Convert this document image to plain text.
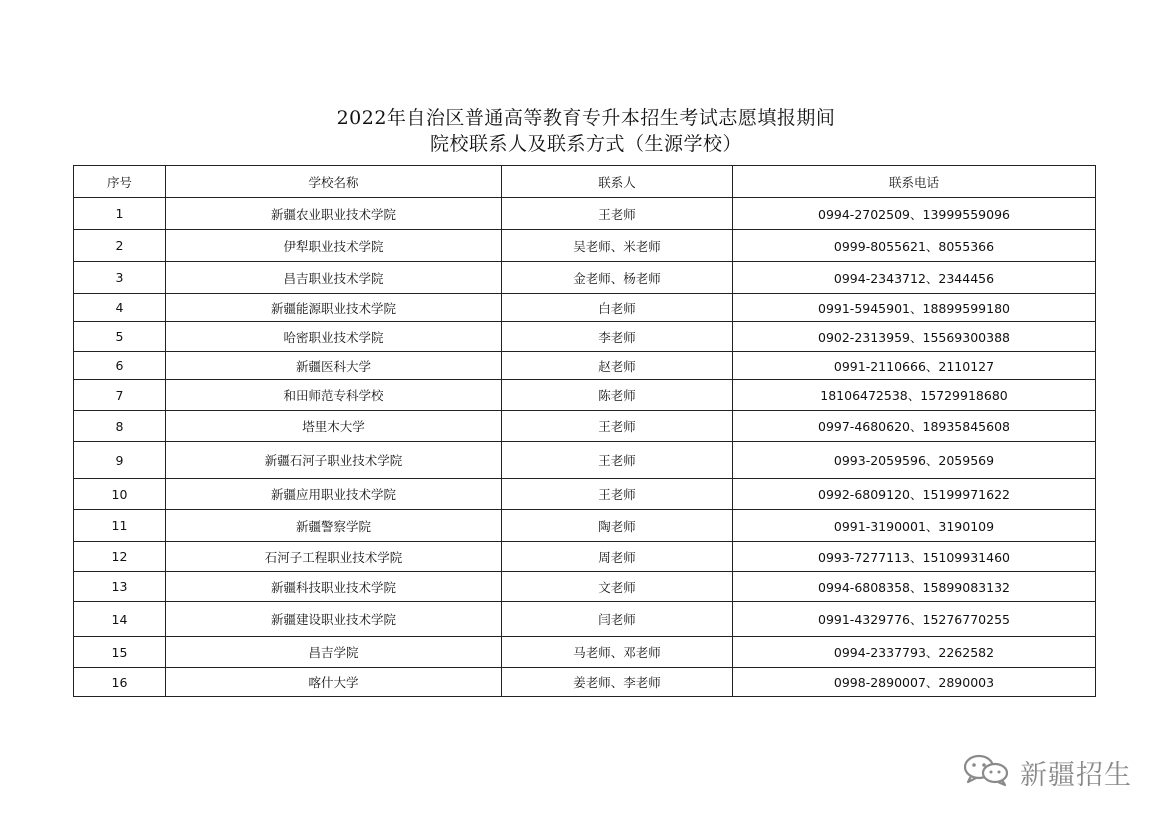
2022年自治区普通高等教育专升本招生考试志愿填报期间
院校联系人及联系方式（生源学校）
序号	学校名称	联系人	联系电话
1	新疆农业职业技术学院	王老师	0994-2702509、13999559096
2	伊犁职业技术学院	吴老师、米老师	0999-8055621、8055366
3	昌吉职业技术学院	金老师、杨老师	0994-2343712、2344456
4	新疆能源职业技术学院	白老师	0991-5945901、18899599180
5	哈密职业技术学院	李老师	0902-2313959、15569300388
6	新疆医科大学	赵老师	0991-2110666、2110127
7	和田师范专科学校	陈老师	18106472538、15729918680
8	塔里木大学	王老师	0997-4680620、18935845608
9	新疆石河子职业技术学院	王老师	0993-2059596、2059569
10	新疆应用职业技术学院	王老师	0992-6809120、15199971622
11	新疆警察学院	陶老师	0991-3190001、3190109
12	石河子工程职业技术学院	周老师	0993-7277113、15109931460
13	新疆科技职业技术学院	文老师	0994-6808358、15899083132
14	新疆建设职业技术学院	闫老师	0991-4329776、15276770255
15	昌吉学院	马老师、邓老师	0994-2337793、2262582
16	喀什大学	姜老师、李老师	0998-2890007、2890003
新疆招生
